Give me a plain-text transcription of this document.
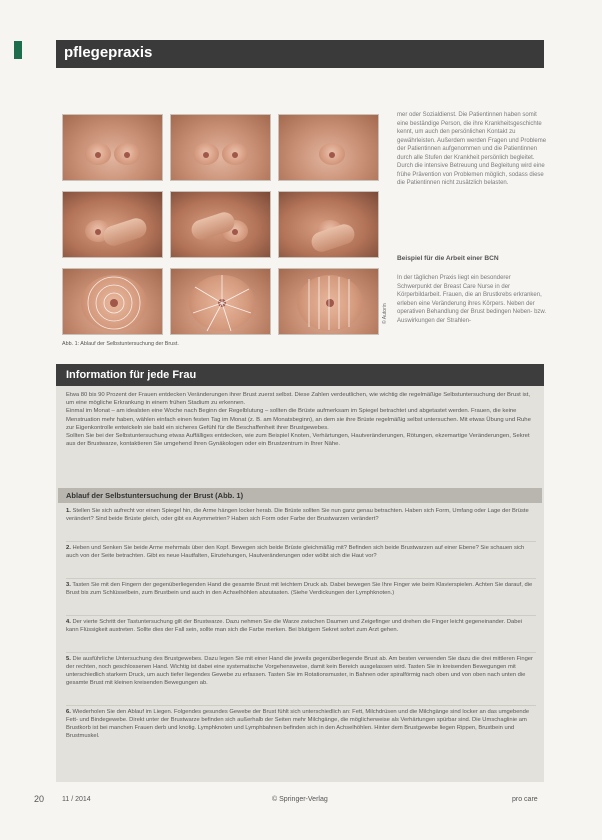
pflegepraxis
© Autorin
Abb. 1: Ablauf der Selbstuntersuchung der Brust.

mer oder Sozialdienst. Die Patientinnen haben somit eine beständige Person, die ihre Krankheitsgeschichte kennt, um auch den persönlichen Kontakt zu gewährleisten. Außerdem werden Fragen und Probleme der Patientinnen aufgenommen und die Patientinnen durch alle Stufen der Krankheit persönlich begleitet. Durch die intensive Betreuung und Begleitung wird eine frühe Prävention von Problemen möglich, sodass diese die Patientinnen nicht zusätzlich belasten.

Beispiel für die Arbeit einer BCN

In der täglichen Praxis liegt ein besonderer Schwerpunkt der Breast Care Nurse in der Körperbildarbeit. Frauen, die an Brustkrebs erkranken, erleben eine Veränderung ihres Körpers. Neben der operativen Behandlung der Brust bedingen Neben- bzw. Auswirkungen der Strahlen-

Information für jede Frau

Etwa 80 bis 90 Prozent der Frauen entdecken Veränderungen ihrer Brust zuerst selbst. Diese Zahlen verdeutlichen, wie wichtig die regelmäßige Selbstuntersuchung der Brust ist, um eine mögliche Erkrankung in einem frühen Stadium zu erkennen.

Einmal im Monat – am idealsten eine Woche nach Beginn der Regelblutung – sollten die Brüste aufmerksam im Spiegel betrachtet und abgetastet werden. Frauen, die keine Menstruation mehr haben, wählen einfach einen festen Tag im Monat (z. B. am Monatsbeginn), an dem sie ihre Brüste regelmäßig selbst untersuchen. Mit etwas Übung und Ruhe zur Eigenkontrolle entwickeln sie bald ein sicheres Gefühl für die Beschaffenheit ihrer Brustgewebes.

Sollten Sie bei der Selbstuntersuchung etwas Auffälliges entdecken, wie zum Beispiel Knoten, Verhärtungen, Hautveränderungen, Rötungen, ekzemartige Veränderungen, Sekret aus der Brustwarze, kontaktieren Sie umgehend Ihren Gynäkologen oder ein Brustzentrum in Ihrer Nähe.

Ablauf der Selbstuntersuchung der Brust (Abb. 1)

1. Stellen Sie sich aufrecht vor einen Spiegel hin, die Arme hängen locker herab. Die Brüste sollten Sie nun ganz genau betrachten. Haben sich Form, Umfang oder Lage der Brüste verändert? Sind beide Brüste gleich, oder gibt es Asymmetrien? Haben sich Form oder Farbe der Brustwarzen verändert?

2. Heben und Senken Sie beide Arme mehrmals über den Kopf. Bewegen sich beide Brüste gleichmäßig mit? Befinden sich beide Brustwarzen auf einer Ebene? Sie schauen sich auch von der Seite betrachten. Gibt es neue Hautfalten, Einziehungen, Hautveränderungen oder wölbt sich die Haut vor?

3. Tasten Sie mit den Fingern der gegenüberliegenden Hand die gesamte Brust mit leichtem Druck ab. Dabei bewegen Sie Ihre Finger wie beim Klavierspielen. Achten Sie darauf, die Brust bis zum Schlüsselbein, zum Brustbein und auch in den Achselhöhlen abzutasten. (Siehe Verdickungen der Lymphknoten.)

4. Der vierte Schritt der Tastuntersuchung gilt der Brustwarze. Dazu nehmen Sie die Warze zwischen Daumen und Zeigefinger und drehen die Finger leicht gegeneinander. Dabei kann Flüssigkeit austreten. Sollte dies der Fall sein, sollte man sich die Farbe merken. Bei blutigem Sekret sofort zum Arzt gehen.

5. Die ausführliche Untersuchung des Brustgewebes. Dazu legen Sie mit einer Hand die jeweils gegenüberliegende Brust ab. Am besten verwenden Sie dazu die drei mittleren Finger der rechten, noch geschlossenen Hand. Wichtig ist dabei eine systematische Vorgehensweise, damit kein Bereich ausgelassen wird. Tasten Sie in kreisenden Bewegungen mit unterschiedlich starkem Druck, um auch tiefer liegendes Gewebe zu erfassen. Tasten Sie im Rotationsmuster, in Bahnen oder spiralförmig nach oben und von oben nach unten die gesamte Brust mit kleinen kreisenden Bewegungen ab.

6. Wiederholen Sie den Ablauf im Liegen. Folgendes gesundes Gewebe der Brust fühlt sich unterschiedlich an: Fett, Milchdrüsen und die Milchgänge sind locker an das umgebende Fett- und Bindegewebe. Direkt unter der Brustwarze befinden sich außerhalb der Seiten mehr Milchgänge, die möglicherweise als Verhärtungen spürbar sind. Die Umschaglinie am Brustkorb ist bei manchen Frauen derb und knotig. Lymphknoten und Lymphbahnen befinden sich in den Achselhöhlen. Hinter dem Brustgewebe liegen Rippen, Brustbein und Brustmuskel.

20	11 / 2014	© Springer-Verlag	pro care
